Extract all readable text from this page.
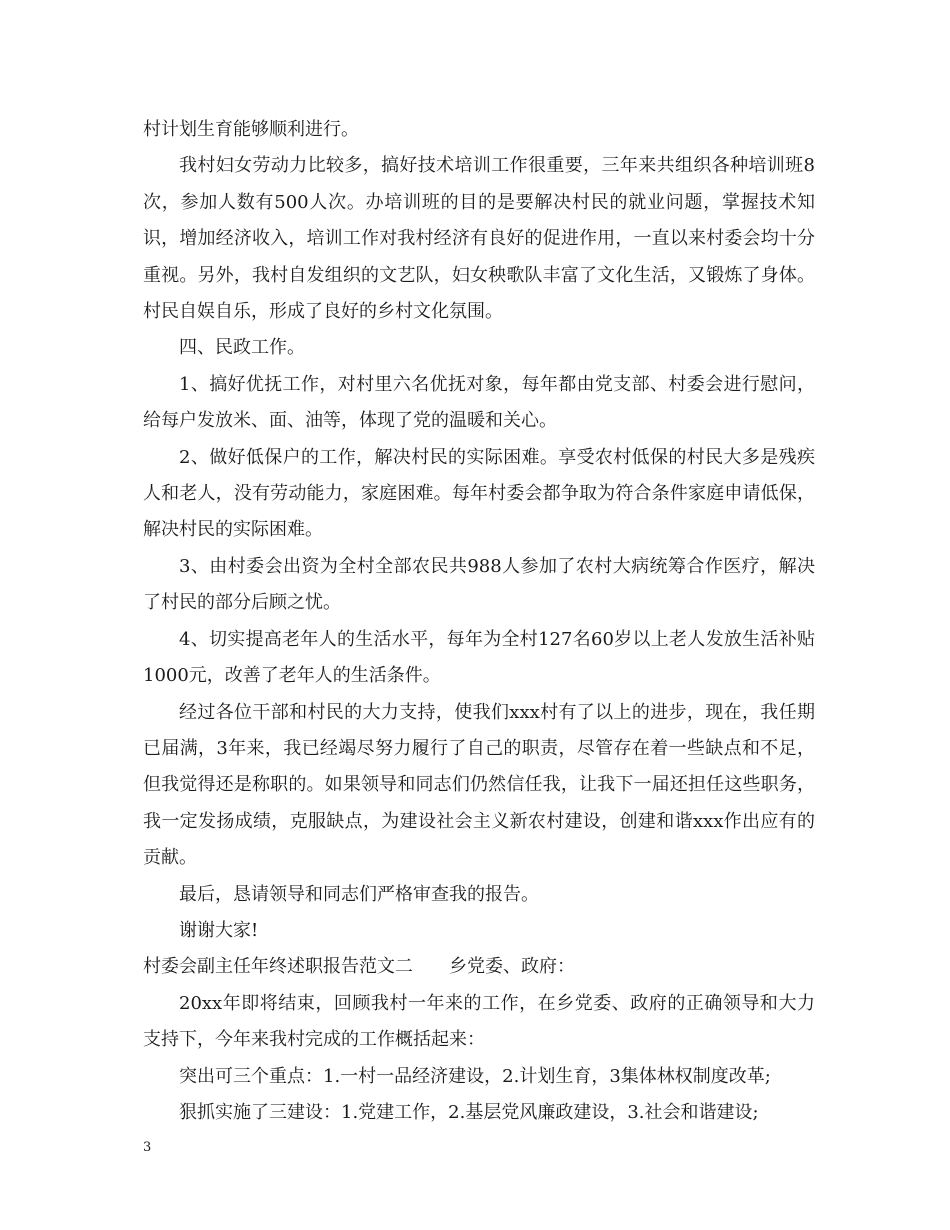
村计划生育能够顺利进行。

我村妇女劳动力比较多，搞好技术培训工作很重要，三年来共组织各种培训班8次，参加人数有500人次。办培训班的目的是要解决村民的就业问题，掌握技术知识，增加经济收入，培训工作对我村经济有良好的促进作用，一直以来村委会均十分重视。另外，我村自发组织的文艺队，妇女秧歌队丰富了文化生活，又锻炼了身体。村民自娱自乐，形成了良好的乡村文化氛围。

四、民政工作。

1、搞好优抚工作，对村里六名优抚对象，每年都由党支部、村委会进行慰问，给每户发放米、面、油等，体现了党的温暖和关心。

2、做好低保户的工作，解决村民的实际困难。享受农村低保的村民大多是残疾人和老人，没有劳动能力，家庭困难。每年村委会都争取为符合条件家庭申请低保，解决村民的实际困难。

3、由村委会出资为全村全部农民共988人参加了农村大病统筹合作医疗，解决了村民的部分后顾之忧。

4、切实提高老年人的生活水平，每年为全村127名60岁以上老人发放生活补贴1000元，改善了老年人的生活条件。

经过各位干部和村民的大力支持，使我们xxx村有了以上的进步，现在，我任期已届满，3年来，我已经竭尽努力履行了自己的职责，尽管存在着一些缺点和不足，但我觉得还是称职的。如果领导和同志们仍然信任我，让我下一届还担任这些职务，我一定发扬成绩，克服缺点，为建设社会主义新农村建设，创建和谐xxx作出应有的贡献。

最后，恳请领导和同志们严格审查我的报告。

谢谢大家!

村委会副主任年终述职报告范文二　　乡党委、政府：

20xx年即将结束，回顾我村一年来的工作，在乡党委、政府的正确领导和大力支持下，今年来我村完成的工作概括起来：

突出可三个重点：1.一村一品经济建设，2.计划生育，3集体林权制度改革;

狠抓实施了三建设：1.党建工作，2.基层党风廉政建设，3.社会和谐建设;

3
